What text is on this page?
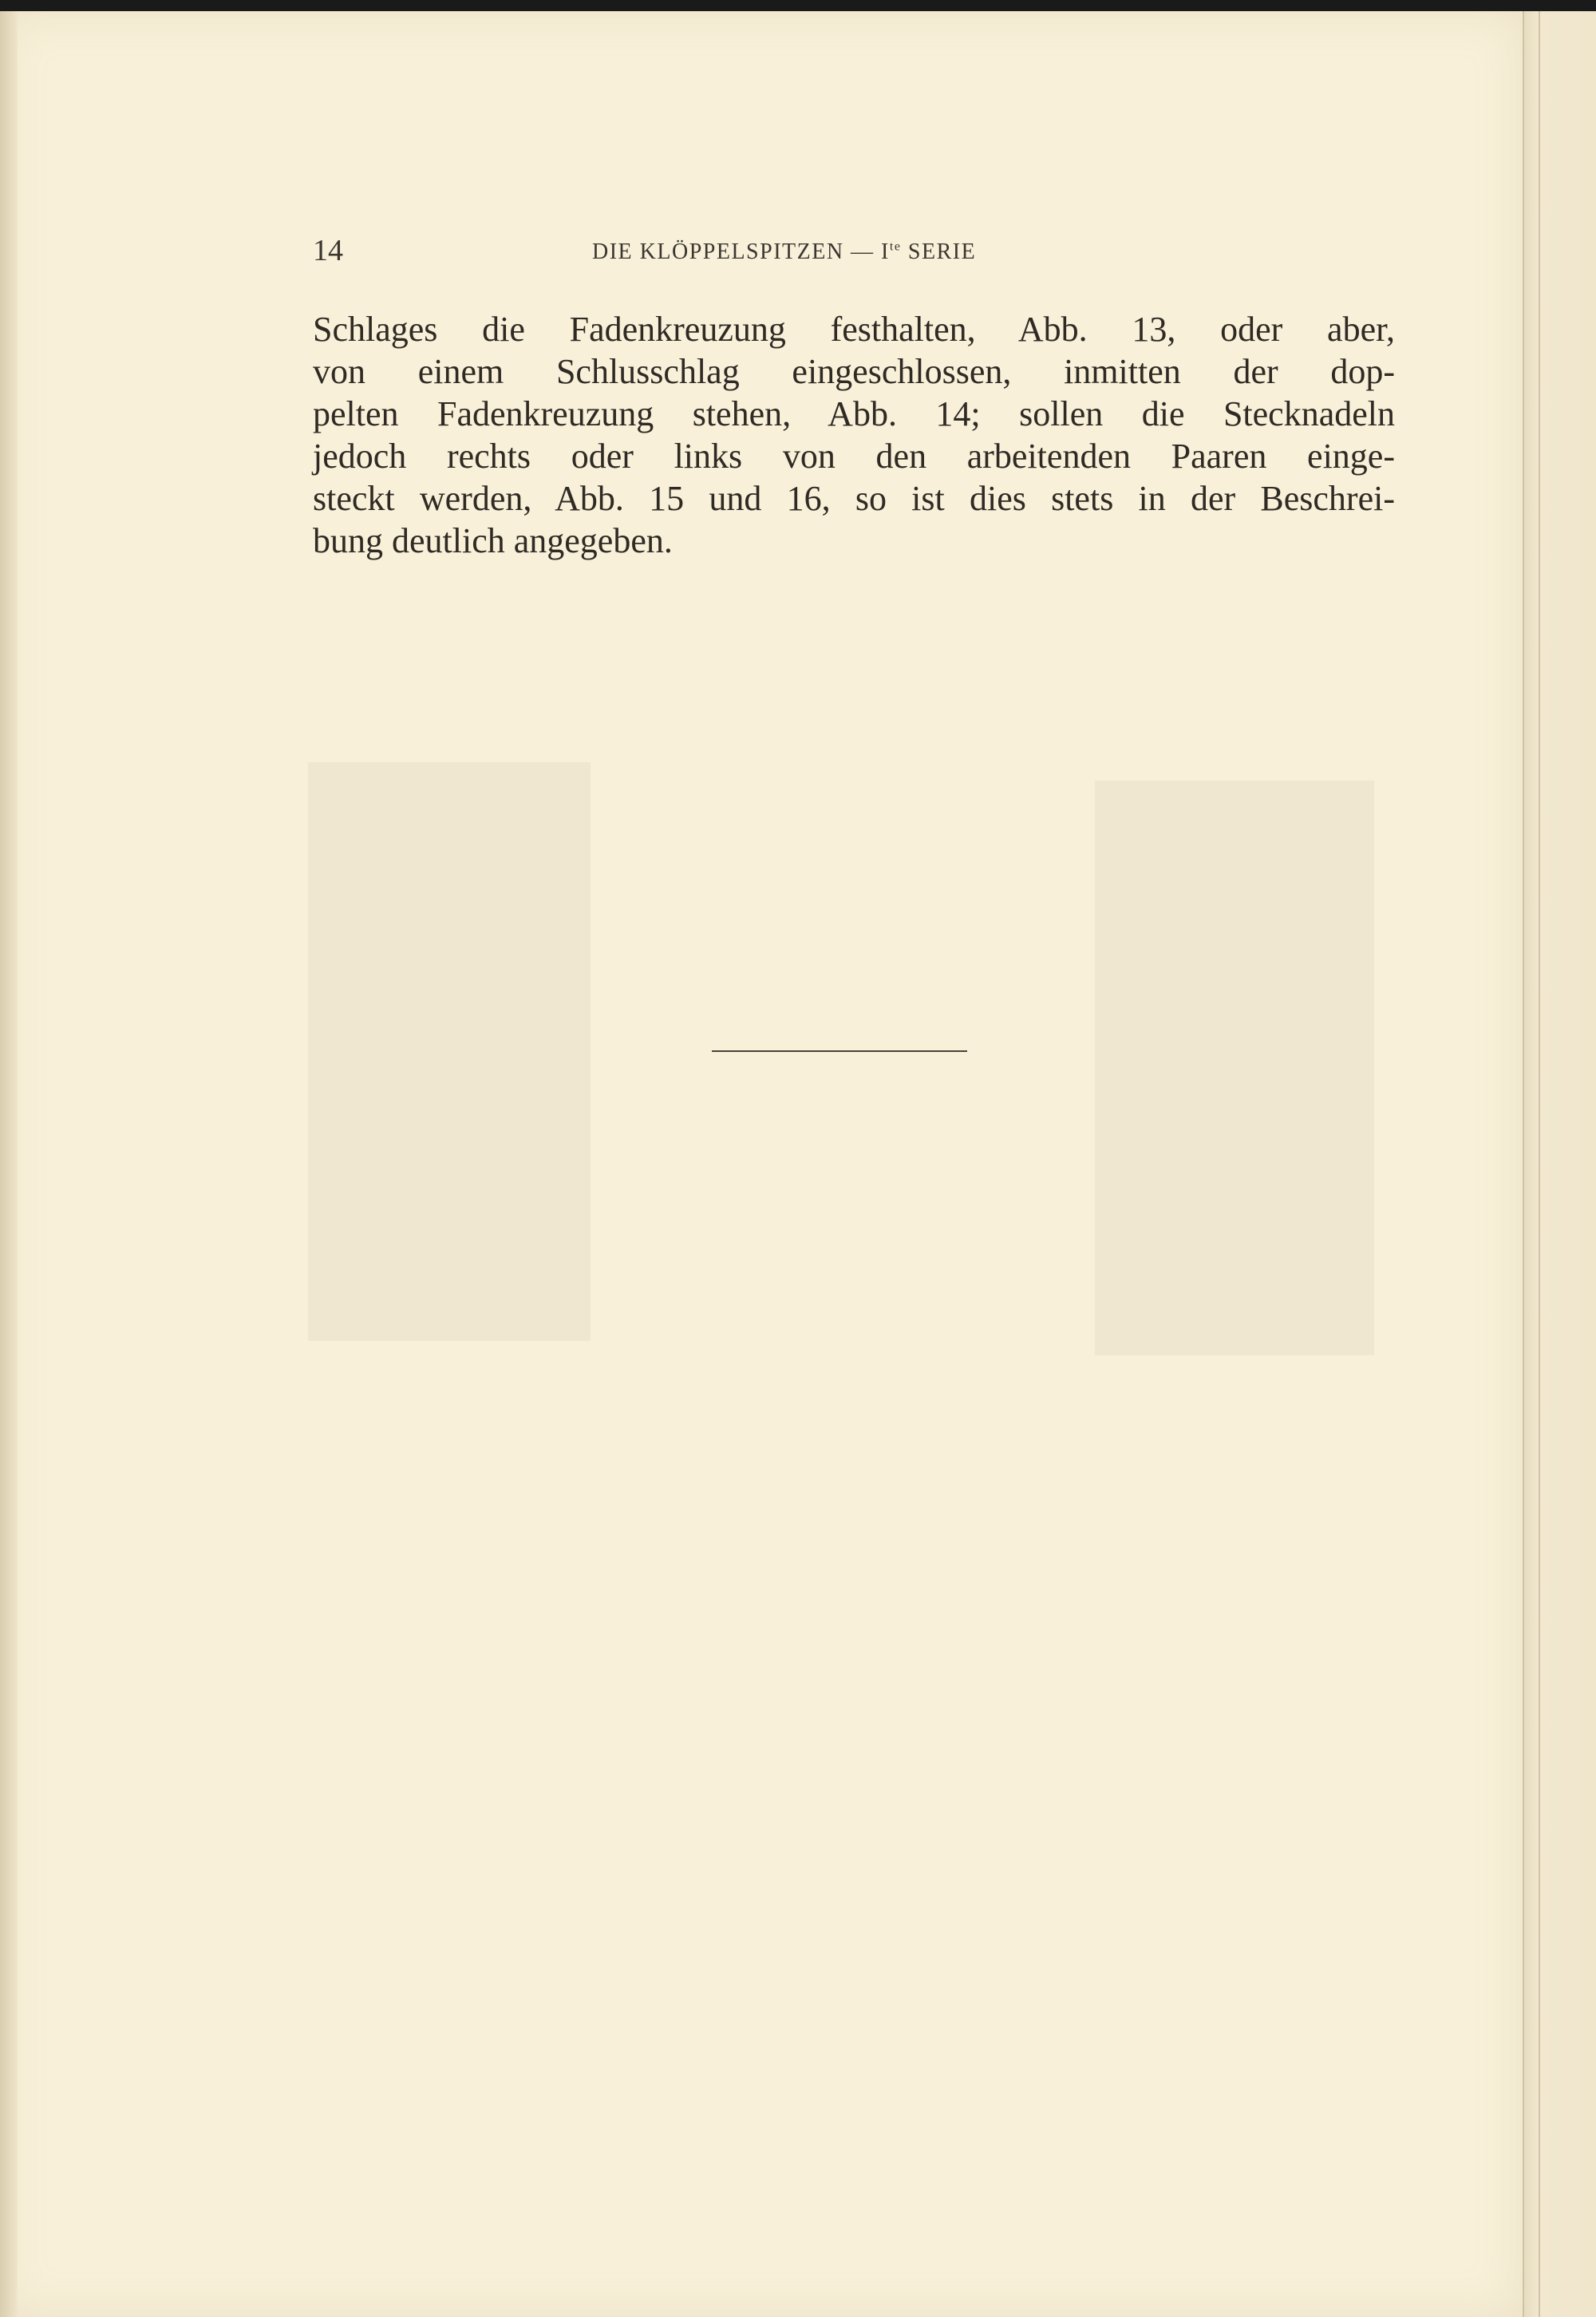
14	DIE KLÖPPELSPITZEN — $I^{te}$ SERIE
Schlages die Fadenkreuzung festhalten, Abb. 13, oder aber,
von einem Schlusschlag eingeschlossen, inmitten der dop-
pelten Fadenkreuzung stehen, Abb. 14; sollen die Stecknadeln
jedoch rechts oder links von den arbeitenden Paaren einge-
steckt werden, Abb. 15 und 16, so ist dies stets in der Beschrei-
bung deutlich angegeben.
